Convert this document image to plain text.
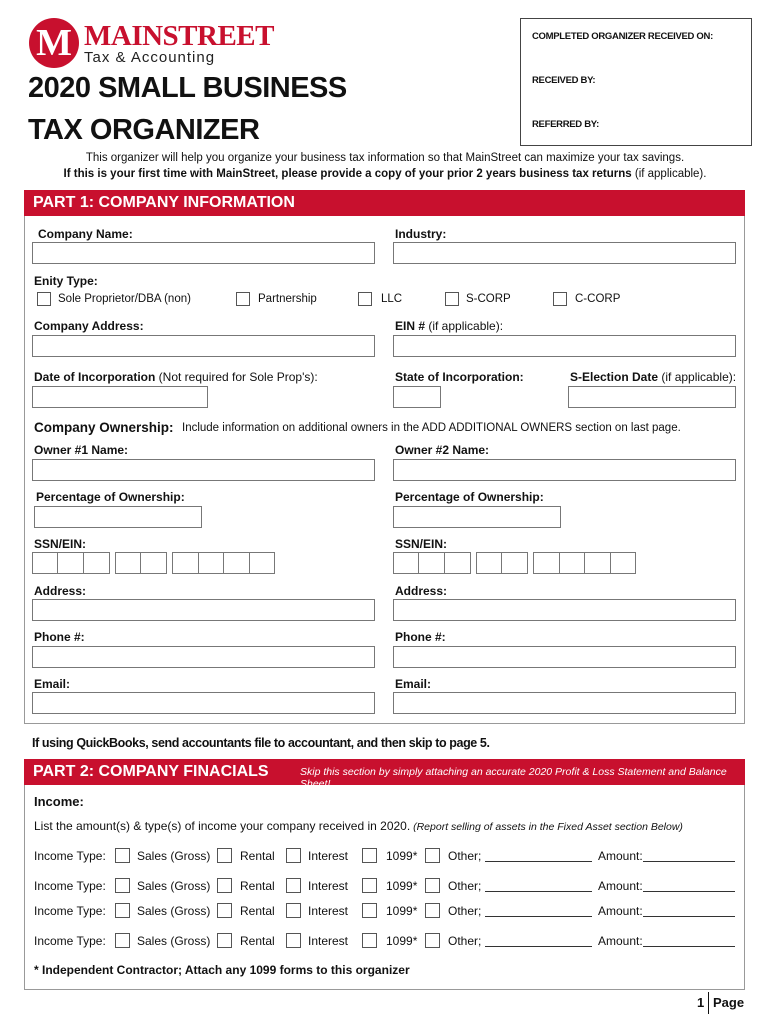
M MAINSTREET
Tax & Accounting
2020 SMALL BUSINESS
TAX ORGANIZER
COMPLETED ORGANIZER RECEIVED ON:
RECEIVED BY:
REFERRED BY:
This organizer will help you organize your business tax information so that MainStreet can maximize your tax savings.
If this is your first time with MainStreet, please provide a copy of your prior 2 years business tax returns (if applicable).
PART 1: COMPANY INFORMATION
Company Name:	Industry:
Enity Type:
Sole Proprietor/DBA (non)	Partnership	LLC	S-CORP	C-CORP
Company Address:	EIN # (if applicable):
Date of Incorporation (Not required for Sole Prop's):	State of Incorporation:	S-Election Date (if applicable):
Company Ownership: Include information on additional owners in the ADD ADDITIONAL OWNERS section on last page.
Owner #1 Name:	Owner #2 Name:
Percentage of Ownership:	Percentage of Ownership:
SSN/EIN:	SSN/EIN:
Address:	Address:
Phone #:	Phone #:
Email:	Email:
If using QuickBooks, send accountants file to accountant, and then skip to page 5.
PART 2: COMPANY FINACIALS	Skip this section by simply attaching an accurate 2020 Profit & Loss Statement and Balance Sheet!
Income:
List the amount(s) & type(s) of income your company received in 2020. (Report selling of assets in the Fixed Asset section Below)
Income Type:	Sales (Gross) Rental	Interest	1099*	Other;	Amount:
Income Type:	Sales (Gross) Rental	Interest	1099*	Other;	Amount:
Income Type:	Sales (Gross) Rental	Interest	1099*	Other;	Amount:
Income Type:	Sales (Gross) Rental	Interest	1099*	Other;	Amount:
* Independent Contractor; Attach any 1099 forms to this organizer
1 Page
